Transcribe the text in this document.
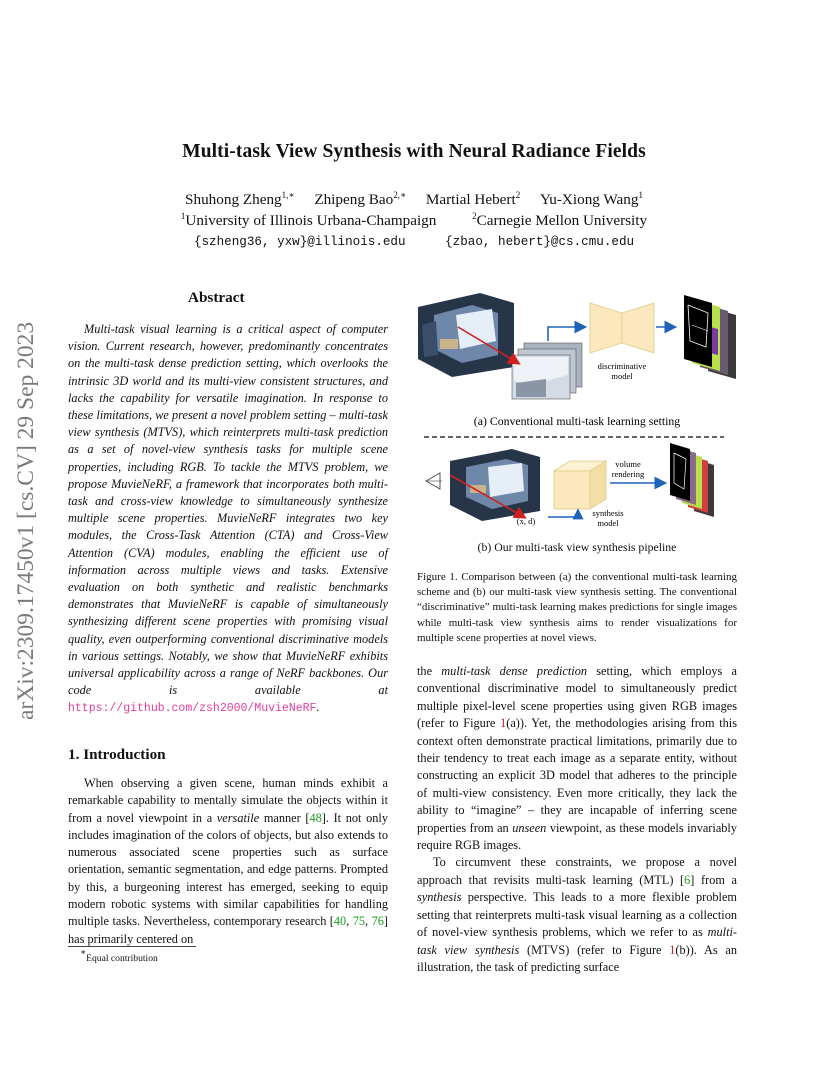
Multi-task View Synthesis with Neural Radiance Fields
Shuhong Zheng$^{1,∗}$ Zhipeng Bao$^{2,∗}$ Martial Hebert$^2$ Yu-Xiong Wang$^1$
$^1$University of Illinois Urbana-Champaign	$^2$Carnegie Mellon University
{szheng36, yxw}@illinois.edu	{zbao, hebert}@cs.cmu.edu
arXiv:2309.17450v1 [cs.CV] 29 Sep 2023
Abstract

Multi-task visual learning is a critical aspect of computer vision. Current research, however, predominantly concentrates on the multi-task dense prediction setting, which overlooks the intrinsic 3D world and its multi-view consistent structures, and lacks the capability for versatile imagination. In response to these limitations, we present a novel problem setting – multi-task view synthesis (MTVS), which reinterprets multi-task prediction as a set of novel-view synthesis tasks for multiple scene properties, including RGB. To tackle the MTVS problem, we propose MuvieNeRF, a framework that incorporates both multi-task and cross-view knowledge to simultaneously synthesize multiple scene properties. MuvieNeRF integrates two key modules, the Cross-Task Attention (CTA) and Cross-View Attention (CVA) modules, enabling the efficient use of information across multiple views and tasks. Extensive evaluation on both synthetic and realistic benchmarks demonstrates that MuvieNeRF is capable of simultaneously synthesizing different scene properties with promising visual quality, even outperforming conventional discriminative models in various settings. Notably, we show that MuvieNeRF exhibits universal applicability across a range of NeRF backbones. Our code is available at https://github.com/zsh2000/MuvieNeRF.

1. Introduction

When observing a given scene, human minds exhibit a remarkable capability to mentally simulate the objects within it from a novel viewpoint in a versatile manner [48]. It not only includes imagination of the colors of objects, but also extends to numerous associated scene properties such as surface orientation, semantic segmentation, and edge patterns. Prompted by this, a burgeoning interest has emerged, seeking to equip modern robotic systems with similar capabilities for handling multiple tasks. Nevertheless, contemporary research [40, 75, 76] has primarily centered on

∗Equal contribution
discriminative
model
(a) Conventional multi-task learning setting
(x, d)
volume
rendering
synthesis
model
(b) Our multi-task view synthesis pipeline
Figure 1. Comparison between (a) the conventional multi-task learning scheme and (b) our multi-task view synthesis setting. The conventional “discriminative” multi-task learning makes predictions for single images while multi-task view synthesis aims to render visualizations for multiple scene properties at novel views.

the multi-task dense prediction setting, which employs a conventional discriminative model to simultaneously predict multiple pixel-level scene properties using given RGB images (refer to Figure 1(a)). Yet, the methodologies arising from this context often demonstrate practical limitations, primarily due to their tendency to treat each image as a separate entity, without constructing an explicit 3D model that adheres to the principle of multi-view consistency. Even more critically, they lack the ability to “imagine” – they are incapable of inferring scene properties from an unseen viewpoint, as these models invariably require RGB images.

To circumvent these constraints, we propose a novel approach that revisits multi-task learning (MTL) [6] from a synthesis perspective. This leads to a more flexible problem setting that reinterprets multi-task visual learning as a collection of novel-view synthesis problems, which we refer to as multi-task view synthesis (MTVS) (refer to Figure 1(b)). As an illustration, the task of predicting surface
